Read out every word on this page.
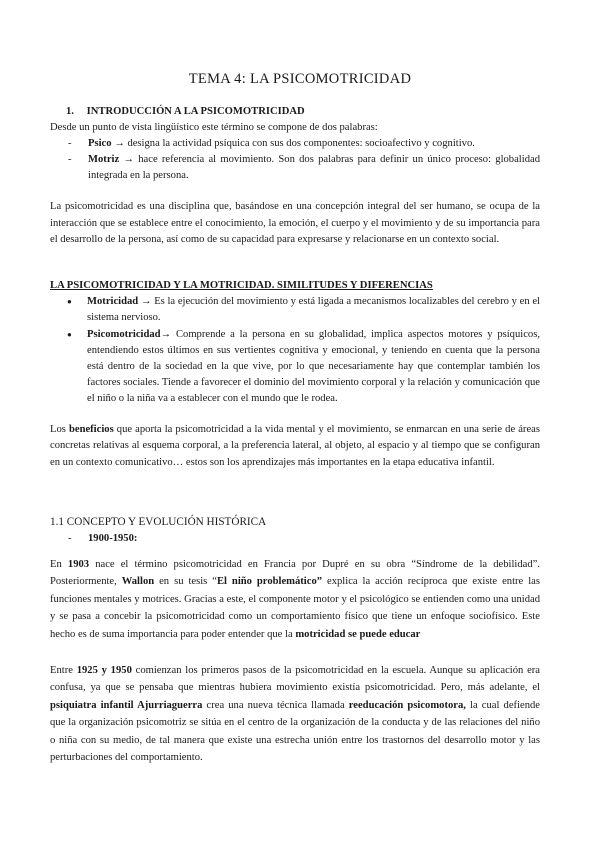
TEMA 4: LA PSICOMOTRICIDAD
1. INTRODUCCIÓN A LA PSICOMOTRICIDAD
Desde un punto de vista lingüístico este término se compone de dos palabras:
- Psico → designa la actividad psíquica con sus dos componentes: socioafectivo y cognitivo.
- Motriz → hace referencia al movimiento. Son dos palabras para definir un único proceso: globalidad integrada en la persona.

La psicomotricidad es una disciplina que, basándose en una concepción integral del ser humano, se ocupa de la interacción que se establece entre el conocimiento, la emoción, el cuerpo y el movimiento y de su importancia para el desarrollo de la persona, así como de su capacidad para expresarse y relacionarse en un contexto social.

LA PSICOMOTRICIDAD Y LA MOTRICIDAD. SIMILITUDES Y DIFERENCIAS
● Motricidad → Es la ejecución del movimiento y está ligada a mecanismos localizables del cerebro y en el sistema nervioso.
● Psicomotricidad→ Comprende a la persona en su globalidad, implica aspectos motores y psíquicos, entendiendo estos últimos en sus vertientes cognitiva y emocional, y teniendo en cuenta que la persona está dentro de la sociedad en la que vive, por lo que necesariamente hay que contemplar también los factores sociales. Tiende a favorecer el dominio del movimiento corporal y la relación y comunicación que el niño o la niña va a establecer con el mundo que le rodea.

Los beneficios que aporta la psicomotricidad a la vida mental y el movimiento, se enmarcan en una serie de áreas concretas relativas al esquema corporal, a la preferencia lateral, al objeto, al espacio y al tiempo que se configuran en un contexto comunicativo… estos son los aprendizajes más importantes en la etapa educativa infantil.

1.1 CONCEPTO Y EVOLUCIÓN HISTÓRICA
- 1900-1950:

En 1903 nace el término psicomotricidad en Francia por Dupré en su obra “Síndrome de la debilidad”. Posteriormente, Wallon en su tesis “El niño problemático” explica la acción recíproca que existe entre las funciones mentales y motrices. Gracias a este, el componente motor y el psicológico se entienden como una unidad y se pasa a concebir la psicomotricidad como un comportamiento físico que tiene un enfoque sociofísico. Este hecho es de suma importancia para poder entender que la motricidad se puede educar

Entre 1925 y 1950 comienzan los primeros pasos de la psicomotricidad en la escuela. Aunque su aplicación era confusa, ya que se pensaba que mientras hubiera movimiento existía psicomotricidad. Pero, más adelante, el psiquiatra infantil Ajurriaguerra crea una nueva técnica llamada reeducación psicomotora, la cual defiende que la organización psicomotriz se sitúa en el centro de la organización de la conducta y de las relaciones del niño o niña con su medio, de tal manera que existe una estrecha unión entre los trastornos del desarrollo motor y las perturbaciones del comportamiento.
